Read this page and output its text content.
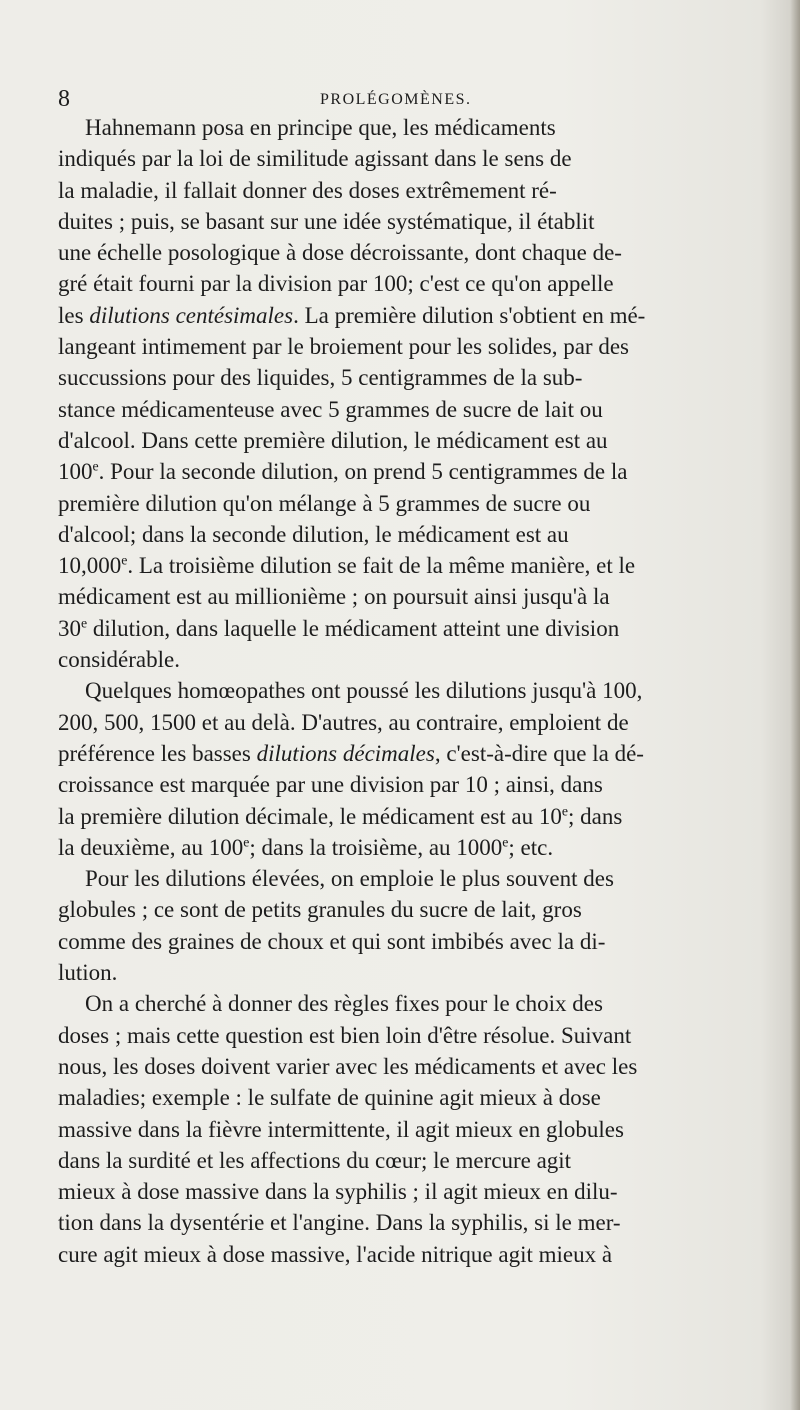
8	PROLÉGOMÈNES.
Hahnemann posa en principe que, les médicaments
indiqués par la loi de similitude agissant dans le sens de
la maladie, il fallait donner des doses extrêmement ré-
duites ; puis, se basant sur une idée systématique, il établit
une échelle posologique à dose décroissante, dont chaque de-
gré était fourni par la division par 100; c'est ce qu'on appelle
les dilutions centésimales. La première dilution s'obtient en mé-
langeant intimement par le broiement pour les solides, par des
succussions pour des liquides, 5 centigrammes de la sub-
stance médicamenteuse avec 5 grammes de sucre de lait ou
d'alcool. Dans cette première dilution, le médicament est au
100e. Pour la seconde dilution, on prend 5 centigrammes de la
première dilution qu'on mélange à 5 grammes de sucre ou
d'alcool; dans la seconde dilution, le médicament est au
10,000e. La troisième dilution se fait de la même manière, et le
médicament est au millionième ; on poursuit ainsi jusqu'à la
30e dilution, dans laquelle le médicament atteint une division
considérable.
Quelques homœopathes ont poussé les dilutions jusqu'à 100,
200, 500, 1500 et au delà. D'autres, au contraire, emploient de
préférence les basses dilutions décimales, c'est-à-dire que la dé-
croissance est marquée par une division par 10 ; ainsi, dans
la première dilution décimale, le médicament est au 10e; dans
la deuxième, au 100e; dans la troisième, au 1000e; etc.
Pour les dilutions élevées, on emploie le plus souvent des
globules ; ce sont de petits granules du sucre de lait, gros
comme des graines de choux et qui sont imbibés avec la di-
lution.
On a cherché à donner des règles fixes pour le choix des
doses ; mais cette question est bien loin d'être résolue. Suivant
nous, les doses doivent varier avec les médicaments et avec les
maladies; exemple : le sulfate de quinine agit mieux à dose
massive dans la fièvre intermittente, il agit mieux en globules
dans la surdité et les affections du cœur; le mercure agit
mieux à dose massive dans la syphilis ; il agit mieux en dilu-
tion dans la dysentérie et l'angine. Dans la syphilis, si le mer-
cure agit mieux à dose massive, l'acide nitrique agit mieux à
